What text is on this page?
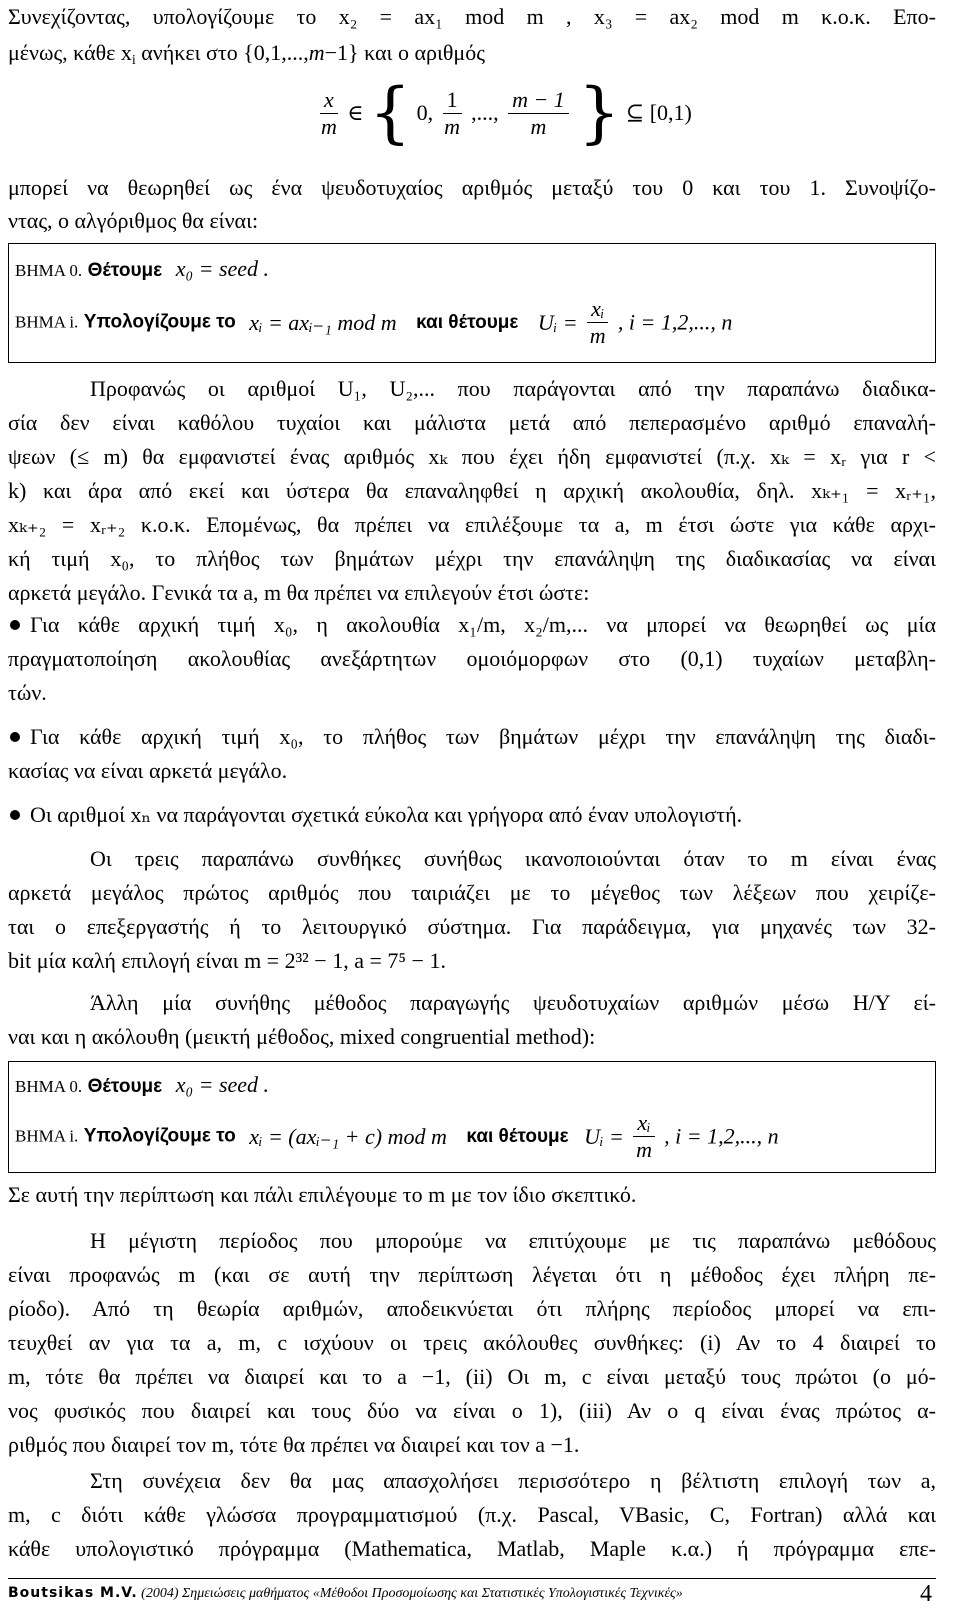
Συνεχίζοντας, υπολογίζουμε το x₂ = ax₁ mod m , x₃ = ax₂ mod m κ.ο.κ. Επο-
μένως, κάθε $x_i$ ανήκει στο {0,1,...,m−1} και ο αριθμός
$\frac{x}{m}$ ∈ { 0, $\frac{1}{m}$ ,..., $\frac{m - 1}{m}$ } ⊆ [0,1)
μπορεί να θεωρηθεί ως ένα ψευδοτυχαίος αριθμός μεταξύ του 0 και του 1. Συνοψίζο-
ντας, ο αλγόριθμος θα είναι:
ΒΗΜΑ 0. Θέτουμε x₀ = seed .
ΒΗΜΑ i. Υπολογίζουμε το xᵢ = axᵢ₋₁ mod m και θέτουμε Uᵢ = $\frac{\text{xᵢ}}{m}$ , i = 1,2,..., n
Προφανώς οι αριθμοί U₁, U₂,... που παράγονται από την παραπάνω διαδικα-
σία δεν είναι καθόλου τυχαίοι και μάλιστα μετά από πεπερασμένο αριθμό επαναλή-
ψεων (≤ m) θα εμφανιστεί ένας αριθμός xₖ που έχει ήδη εμφανιστεί (π.χ. xₖ = xᵣ για r <
k) και άρα από εκεί και ύστερα θα επαναληφθεί η αρχική ακολουθία, δηλ. xₖ₊₁ = xᵣ₊₁,
xₖ₊₂ = xᵣ₊₂ κ.ο.κ. Επομένως, θα πρέπει να επιλέξουμε τα a, m έτσι ώστε για κάθε αρχι-
κή τιμή x₀, το πλήθος των βημάτων μέχρι την επανάληψη της διαδικασίας να είναι
αρκετά μεγάλο. Γενικά τα a, m θα πρέπει να επιλεγούν έτσι ώστε:
Για κάθε αρχική τιμή x₀, η ακολουθία x₁/m, x₂/m,... να μπορεί να θεωρηθεί ως μία
πραγματοποίηση ακολουθίας ανεξάρτητων ομοιόμορφων στο (0,1) τυχαίων μεταβλη-
τών.
Για κάθε αρχική τιμή x₀, το πλήθος των βημάτων μέχρι την επανάληψη της διαδι-
κασίας να είναι αρκετά μεγάλο.
Οι αριθμοί xₙ να παράγονται σχετικά εύκολα και γρήγορα από έναν υπολογιστή.
Οι τρεις παραπάνω συνθήκες συνήθως ικανοποιούνται όταν το m είναι ένας
αρκετά μεγάλος πρώτος αριθμός που ταιριάζει με το μέγεθος των λέξεων που χειρίζε-
ται ο επεξεργαστής ή το λειτουργικό σύστημα. Για παράδειγμα, για μηχανές των 32-
bit μία καλή επιλογή είναι m = 2³² − 1, a = 7⁵ − 1.
Άλλη μία συνήθης μέθοδος παραγωγής ψευδοτυχαίων αριθμών μέσω Η/Υ εί-
ναι και η ακόλουθη (μεικτή μέθοδος, mixed congruential method):
ΒΗΜΑ 0. Θέτουμε x₀ = seed .
ΒΗΜΑ i. Υπολογίζουμε το xᵢ = (axᵢ₋₁ + c) mod m και θέτουμε Uᵢ = $\frac{\text{xᵢ}}{m}$ , i = 1,2,..., n
Σε αυτή την περίπτωση και πάλι επιλέγουμε το m με τον ίδιο σκεπτικό.
Η μέγιστη περίοδος που μπορούμε να επιτύχουμε με τις παραπάνω μεθόδους
είναι προφανώς m (και σε αυτή την περίπτωση λέγεται ότι η μέθοδος έχει πλήρη πε-
ρίοδο). Από τη θεωρία αριθμών, αποδεικνύεται ότι πλήρης περίοδος μπορεί να επι-
τευχθεί αν για τα a, m, c ισχύουν οι τρεις ακόλουθες συνθήκες: (i) Αν το 4 διαιρεί το
m, τότε θα πρέπει να διαιρεί και το a −1, (ii) Οι m, c είναι μεταξύ τους πρώτοι (ο μό-
νος φυσικός που διαιρεί και τους δύο να είναι ο 1), (iii) Αν ο q είναι ένας πρώτος α-
ριθμός που διαιρεί τον m, τότε θα πρέπει να διαιρεί και τον a −1.
Στη συνέχεια δεν θα μας απασχολήσει περισσότερο η βέλτιστη επιλογή των a,
m, c διότι κάθε γλώσσα προγραμματισμού (π.χ. Pascal, VBasic, C, Fortran) αλλά και
κάθε υπολογιστικό πρόγραμμα (Mathematica, Matlab, Maple κ.α.) ή πρόγραμμα επε-
Boutsikas M.V. (2004) Σημειώσεις μαθήματος «Μέθοδοι Προσομοίωσης και Στατιστικές Υπολογιστικές Τεχνικές»	4
